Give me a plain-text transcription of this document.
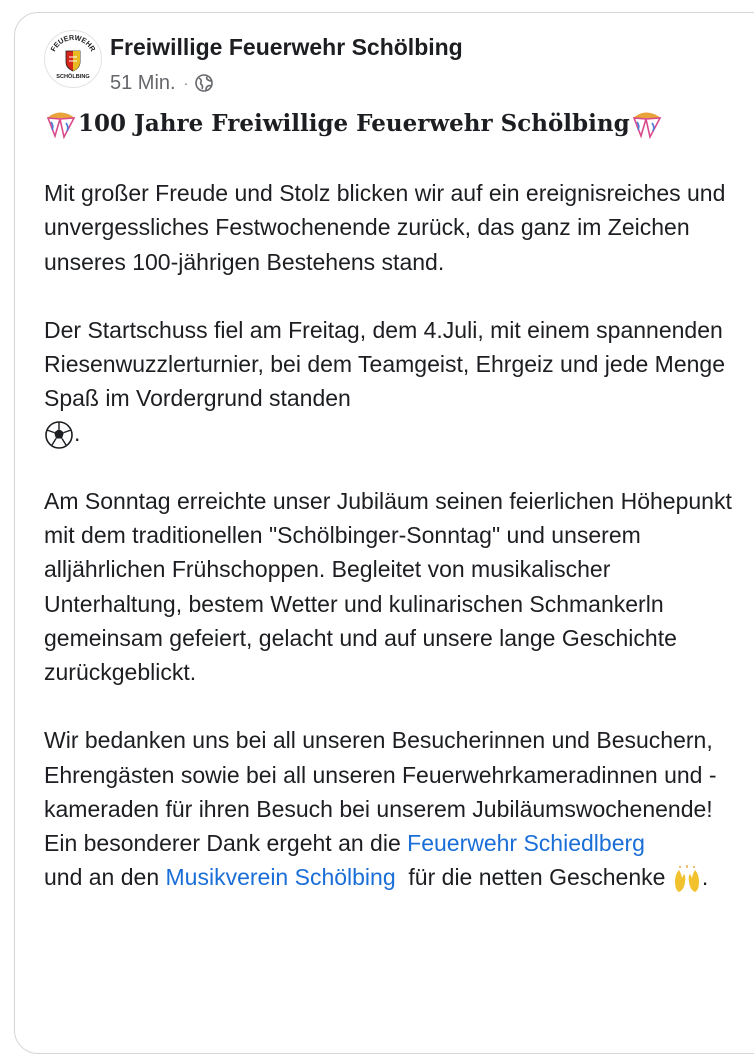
FEUERWEHR
SCHÖLBING
Freiwillige Feuerwehr Schölbing
51 Min. ·
100 Jahre Freiwillige Feuerwehr Schölbing

Mit großer Freude und Stolz blicken wir auf ein ereignisreiches und unvergessliches Festwochenende zurück, das ganz im Zeichen unseres 100-jährigen Bestehens stand.

Der Startschuss fiel am Freitag, dem 4.Juli, mit einem spannenden Riesenwuzzlerturnier, bei dem Teamgeist, Ehrgeiz und jede Menge Spaß im Vordergrund standen
.

Am Sonntag erreichte unser Jubiläum seinen feierlichen Höhepunkt mit dem traditionellen "Schölbinger-Sonntag" und unserem alljährlichen Frühschoppen. Begleitet von musikalischer Unterhaltung, bestem Wetter und kulinarischen Schmankerln gemeinsam gefeiert, gelacht und auf unsere lange Geschichte zurückgeblickt.

Wir bedanken uns bei all unseren Besucherinnen und Besuchern, Ehrengästen sowie bei all unseren Feuerwehrkameradinnen und -kameraden für ihren Besuch bei unserem Jubiläumswochenende! Ein besonderer Dank ergeht an die Feuerwehr Schiedlberg
und an den Musikverein Schölbing  für die netten Geschenke .
